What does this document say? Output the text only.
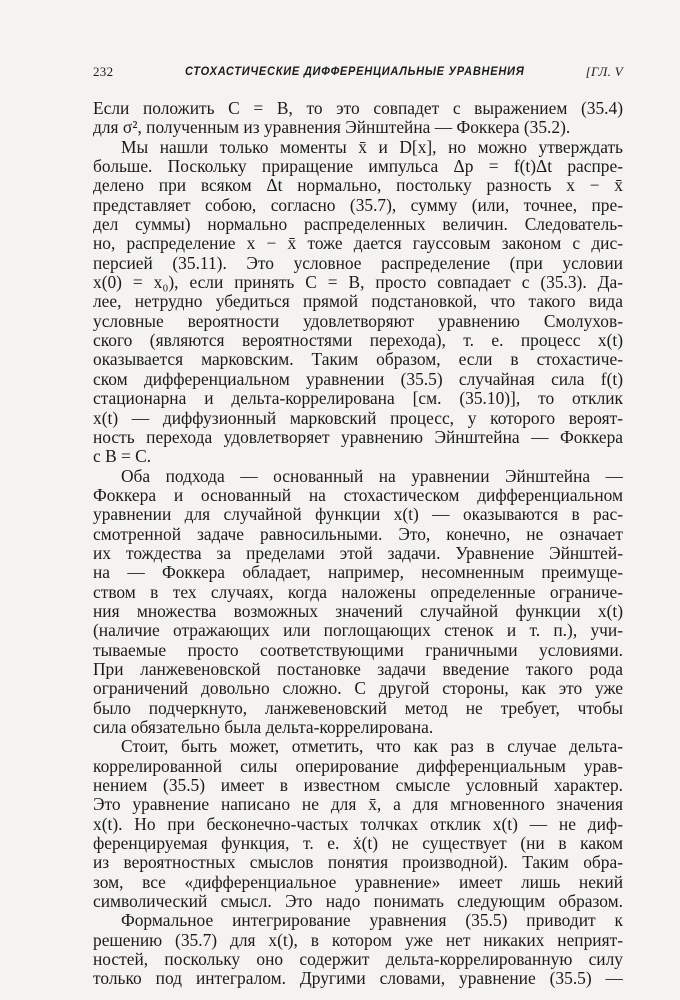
232	СТОХАСТИЧЕСКИЕ ДИФФЕРЕНЦИАЛЬНЫЕ УРАВНЕНИЯ	[ГЛ. V
Если положить C = B, то это совпадет с выражением (35.4)
для σ², полученным из уравнения Эйнштейна — Фоккера (35.2).
Мы нашли только моменты x̄ и D[x], но можно утверждать
больше. Поскольку приращение импульса Δp = f(t)Δt распре-
делено при всяком Δt нормально, постольку разность x − x̄
представляет собою, согласно (35.7), сумму (или, точнее, пре-
дел суммы) нормально распределенных величин. Следователь-
но, распределение x − x̄ тоже дается гауссовым законом с дис-
персией (35.11). Это условное распределение (при условии
x(0) = x₀), если принять C = B, просто совпадает с (35.3). Да-
лее, нетрудно убедиться прямой подстановкой, что такого вида
условные вероятности удовлетворяют уравнению Смолухов-
ского (являются вероятностями перехода), т. е. процесс x(t)
оказывается марковским. Таким образом, если в стохастиче-
ском дифференциальном уравнении (35.5) случайная сила f(t)
стационарна и дельта-коррелирована [см. (35.10)], то отклик
x(t) — диффузионный марковский процесс, у которого вероят-
ность перехода удовлетворяет уравнению Эйнштейна — Фоккера
с B = C.
Оба подхода — основанный на уравнении Эйнштейна —
Фоккера и основанный на стохастическом дифференциальном
уравнении для случайной функции x(t) — оказываются в рас-
смотренной задаче равносильными. Это, конечно, не означает
их тождества за пределами этой задачи. Уравнение Эйнштей-
на — Фоккера обладает, например, несомненным преимуще-
ством в тех случаях, когда наложены определенные ограниче-
ния множества возможных значений случайной функции x(t)
(наличие отражающих или поглощающих стенок и т. п.), учи-
тываемые просто соответствующими граничными условиями.
При ланжевеновской постановке задачи введение такого рода
ограничений довольно сложно. С другой стороны, как это уже
было подчеркнуто, ланжевеновский метод не требует, чтобы
сила обязательно была дельта-коррелирована.
Стоит, быть может, отметить, что как раз в случае дельта-
коррелированной силы оперирование дифференциальным урав-
нением (35.5) имеет в известном смысле условный характер.
Это уравнение написано не для x̄, а для мгновенного значения
x(t). Но при бесконечно-частых толчках отклик x(t) — не диф-
ференцируемая функция, т. е. ẋ(t) не существует (ни в каком
из вероятностных смыслов понятия производной). Таким обра-
зом, все «дифференциальное уравнение» имеет лишь некий
символический смысл. Это надо понимать следующим образом.
Формальное интегрирование уравнения (35.5) приводит к
решению (35.7) для x(t), в котором уже нет никаких неприят-
ностей, поскольку оно содержит дельта-коррелированную силу
только под интегралом. Другими словами, уравнение (35.5) —
